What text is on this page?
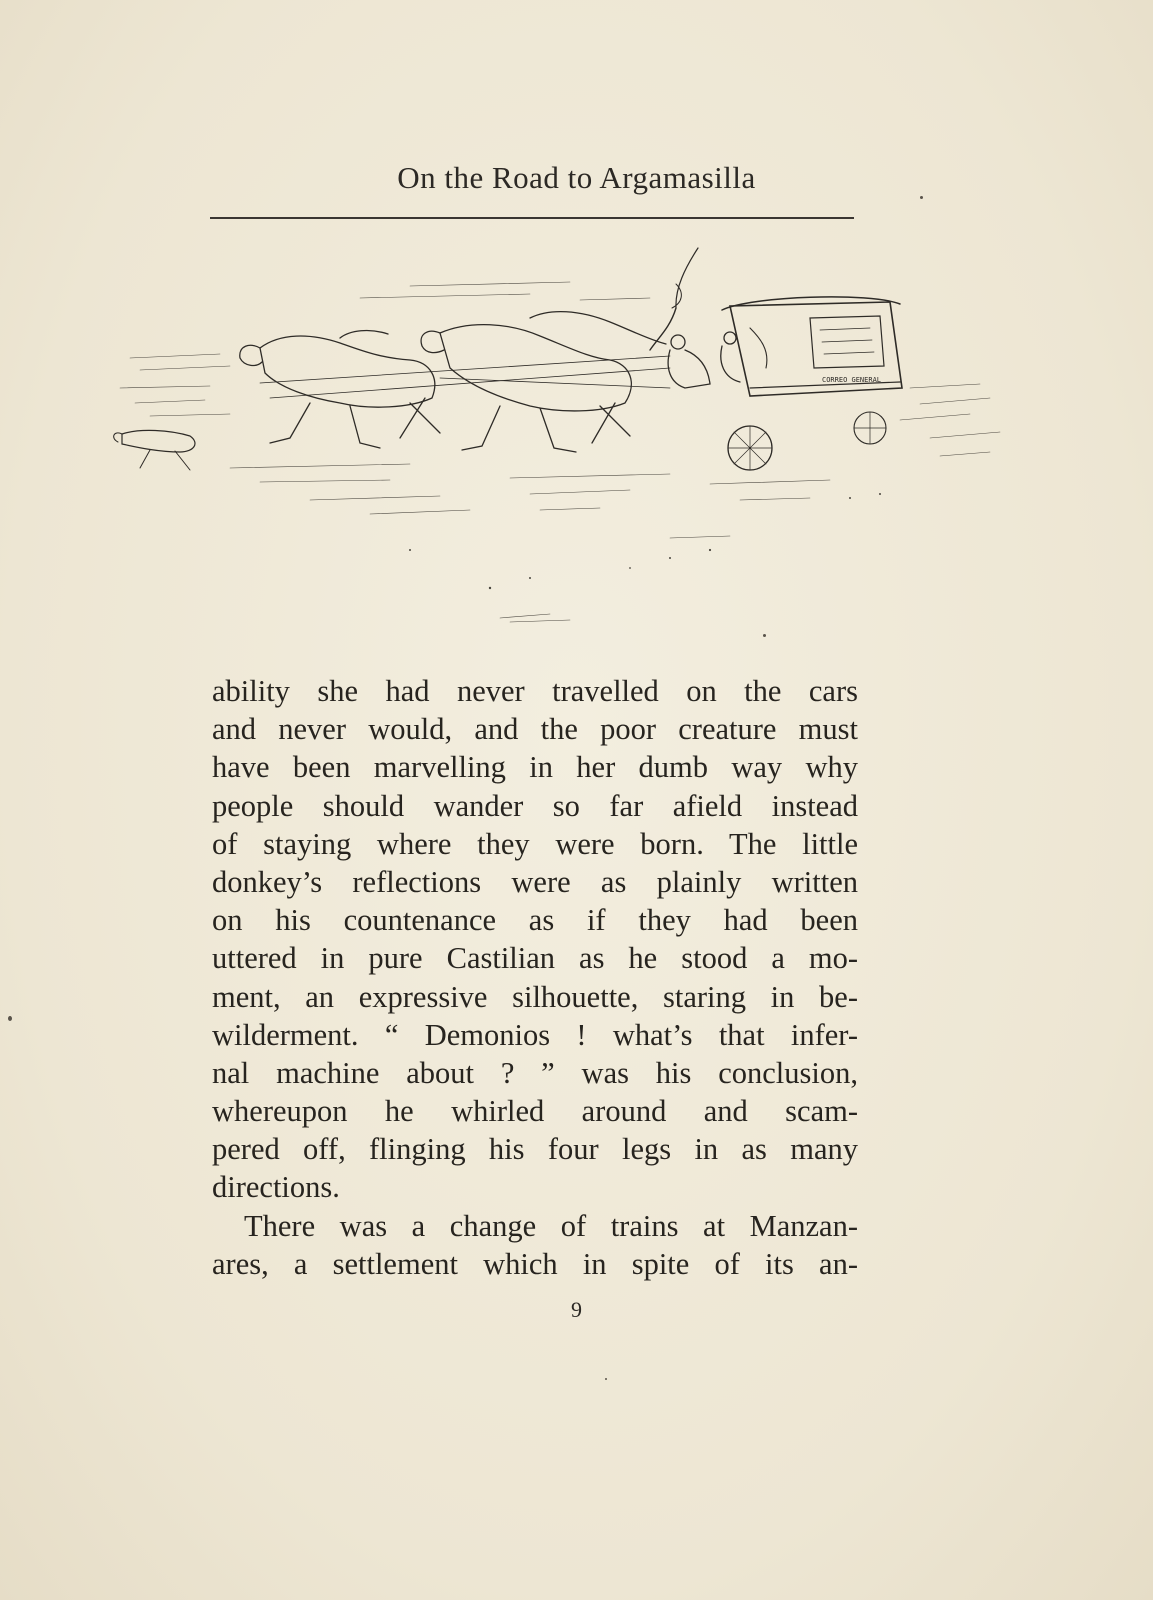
On the Road to Argamasilla
CORREO GENERAL
ability she had never travelled on the cars
and never would, and the poor creature must
have been marvelling in her dumb way why
people should wander so far afield instead
of staying where they were born. The little
donkey’s reflections were as plainly written
on his countenance as if they had been
uttered in pure Castilian as he stood a mo-
ment, an expressive silhouette, staring in be-
wilderment. “ Demonios ! what’s that infer-
nal machine about ? ” was his conclusion,
whereupon he whirled around and scam-
pered off, flinging his four legs in as many
directions.
There was a change of trains at Manzan-
ares, a settlement which in spite of its an-
9
